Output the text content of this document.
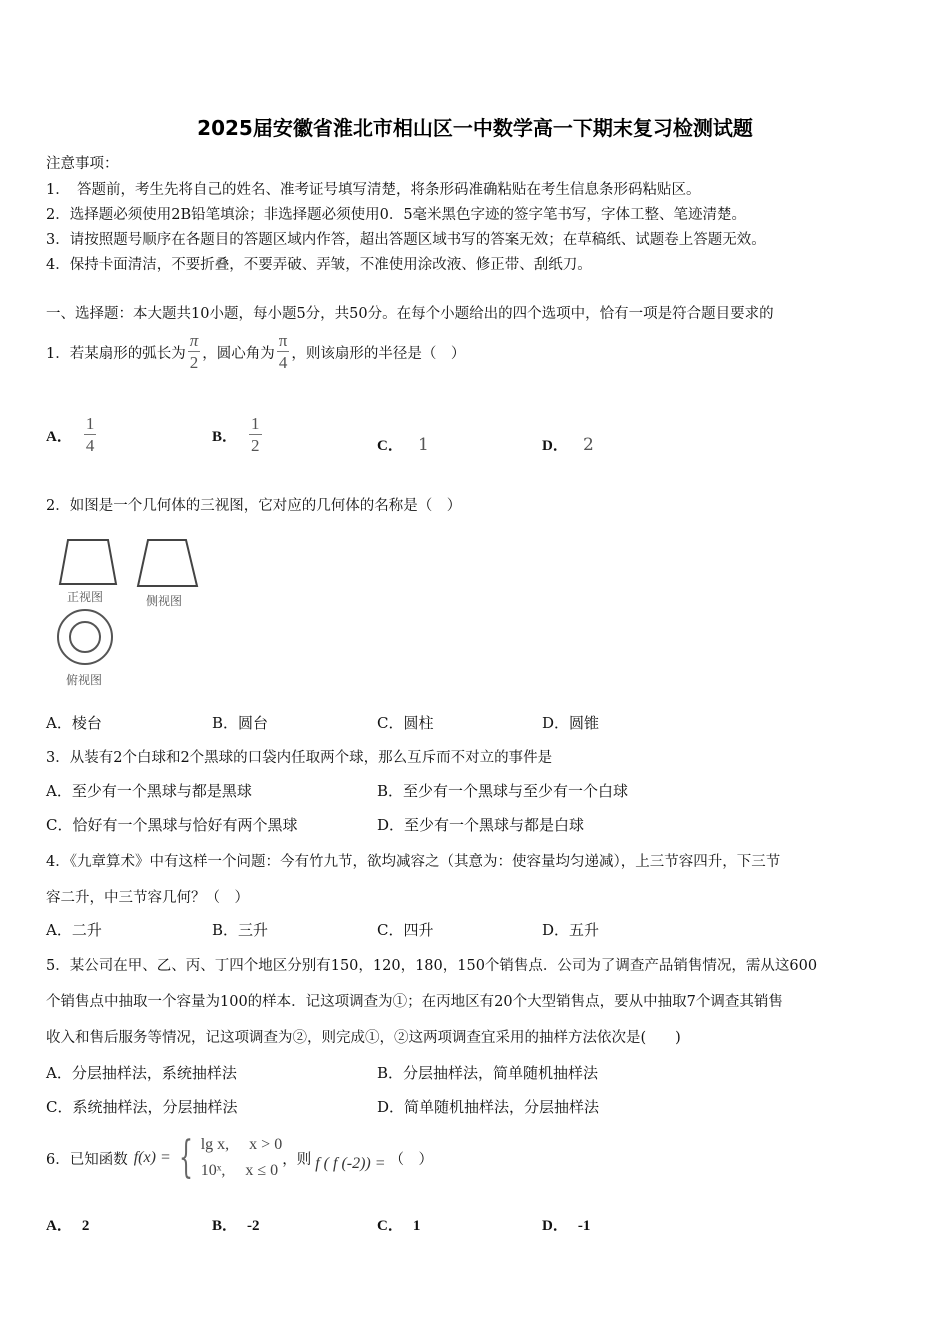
2025届安徽省淮北市相山区一中数学高一下期末复习检测试题
注意事项：
1．　答题前，考生先将自己的姓名、准考证号填写清楚，将条形码准确粘贴在考生信息条形码粘贴区。
2．选择题必须使用2B铅笔填涂；非选择题必须使用0．5毫米黑色字迹的签字笔书写，字体工整、笔迹清楚。
3．请按照题号顺序在各题目的答题区域内作答，超出答题区域书写的答案无效；在草稿纸、试题卷上答题无效。
4．保持卡面清洁，不要折叠，不要弄破、弄皱，不准使用涂改液、修正带、刮纸刀。
一、选择题：本大题共10小题，每小题5分，共50分。在每个小题给出的四个选项中，恰有一项是符合题目要求的
1．若某扇形的弧长为 $\frac{\pi}{2}$ ，圆心角为 $\frac{\pi}{4}$ ，则该扇形的半径是（　）
A． $\frac{1}{4}$	B． $\frac{1}{2}$	C． 1	D． 2
2．如图是一个几何体的三视图，它对应的几何体的名称是（　）
正视图	侧视图
俯视图
A．棱台	B．圆台	C．圆柱	D．圆锥
3．从装有2个白球和2个黑球的口袋内任取两个球，那么互斥而不对立的事件是
A．至少有一个黑球与都是黑球	B．至少有一个黑球与至少有一个白球
C．恰好有一个黑球与恰好有两个黑球	D．至少有一个黑球与都是白球
4．《九章算术》中有这样一个问题：今有竹九节，欲均减容之（其意为：使容量均匀递减），上三节容四升，下三节
容二升，中三节容几何？（　）
A．二升	B．三升	C．四升	D．五升
5．某公司在甲、乙、丙、丁四个地区分别有150，120，180，150个销售点．公司为了调查产品销售情况，需从这600
个销售点中抽取一个容量为100的样本．记这项调查为①；在丙地区有20个大型销售点，要从中抽取7个调查其销售
收入和售后服务等情况，记这项调查为②，则完成①，②这两项调查宜采用的抽样方法依次是(　　)
A．分层抽样法，系统抽样法	B．分层抽样法，简单随机抽样法
C．系统抽样法，分层抽样法	D．简单随机抽样法，分层抽样法
6．已知函数 f(x) = { lg x,　 x > 0
10ˣ,　 x ≤ 0
，则 f ( f (-2)) = （　）
A． 2	B． -2	C． 1	D． -1
